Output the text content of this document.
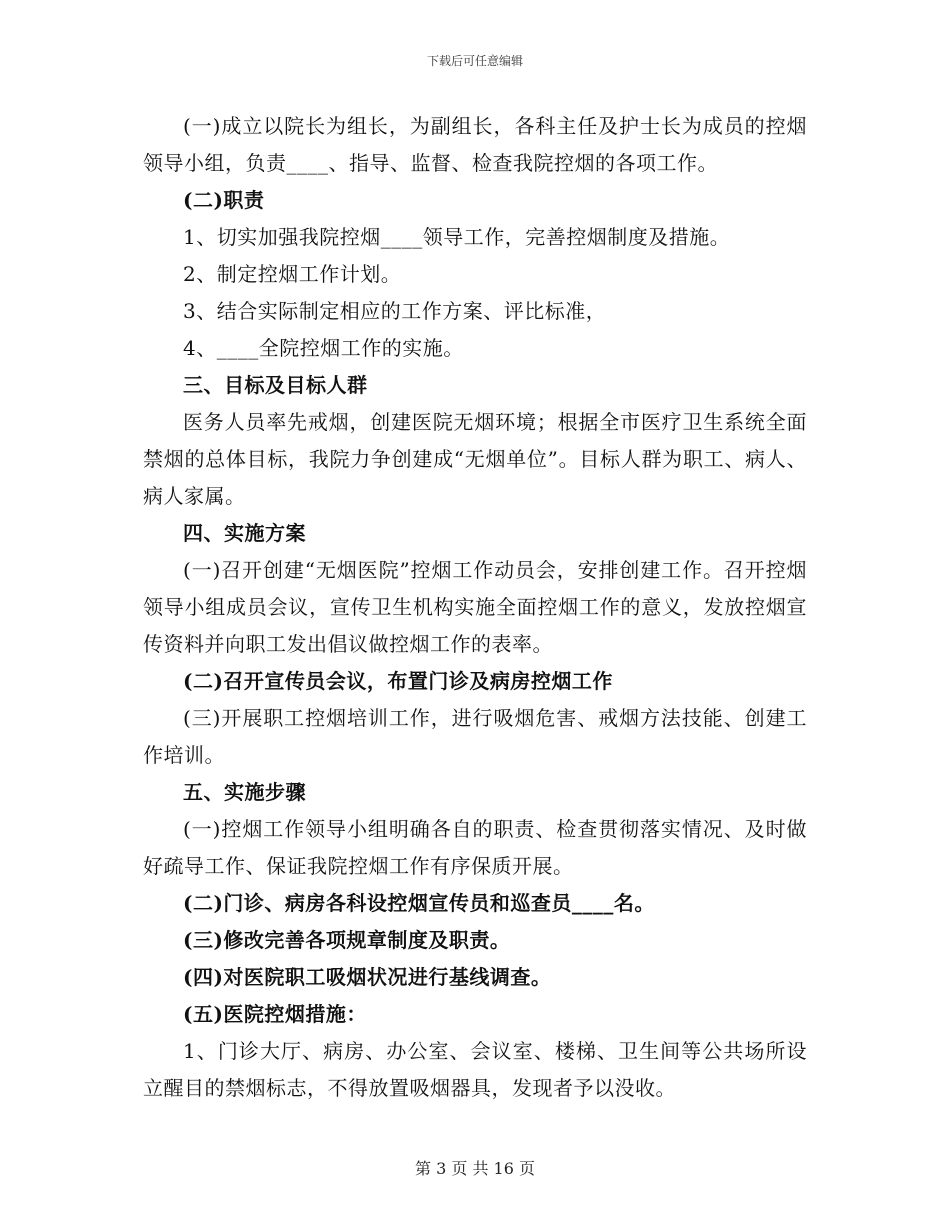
下载后可任意编辑

(一)成立以院长为组长，为副组长，各科主任及护士长为成员的控烟领导小组，负责____、指导、监督、检查我院控烟的各项工作。

(二)职责

1、切实加强我院控烟____领导工作，完善控烟制度及措施。

2、制定控烟工作计划。

3、结合实际制定相应的工作方案、评比标准，

4、____全院控烟工作的实施。

三、目标及目标人群

医务人员率先戒烟，创建医院无烟环境；根据全市医疗卫生系统全面禁烟的总体目标，我院力争创建成“无烟单位”。目标人群为职工、病人、病人家属。

四、实施方案

(一)召开创建“无烟医院”控烟工作动员会，安排创建工作。召开控烟领导小组成员会议，宣传卫生机构实施全面控烟工作的意义，发放控烟宣传资料并向职工发出倡议做控烟工作的表率。

(二)召开宣传员会议，布置门诊及病房控烟工作

(三)开展职工控烟培训工作，进行吸烟危害、戒烟方法技能、创建工作培训。

五、实施步骤

(一)控烟工作领导小组明确各自的职责、检查贯彻落实情况、及时做好疏导工作、保证我院控烟工作有序保质开展。

(二)门诊、病房各科设控烟宣传员和巡查员____名。

(三)修改完善各项规章制度及职责。

(四)对医院职工吸烟状况进行基线调查。

(五)医院控烟措施：

1、门诊大厅、病房、办公室、会议室、楼梯、卫生间等公共场所设立醒目的禁烟标志，不得放置吸烟器具，发现者予以没收。

第 3 页 共 16 页
